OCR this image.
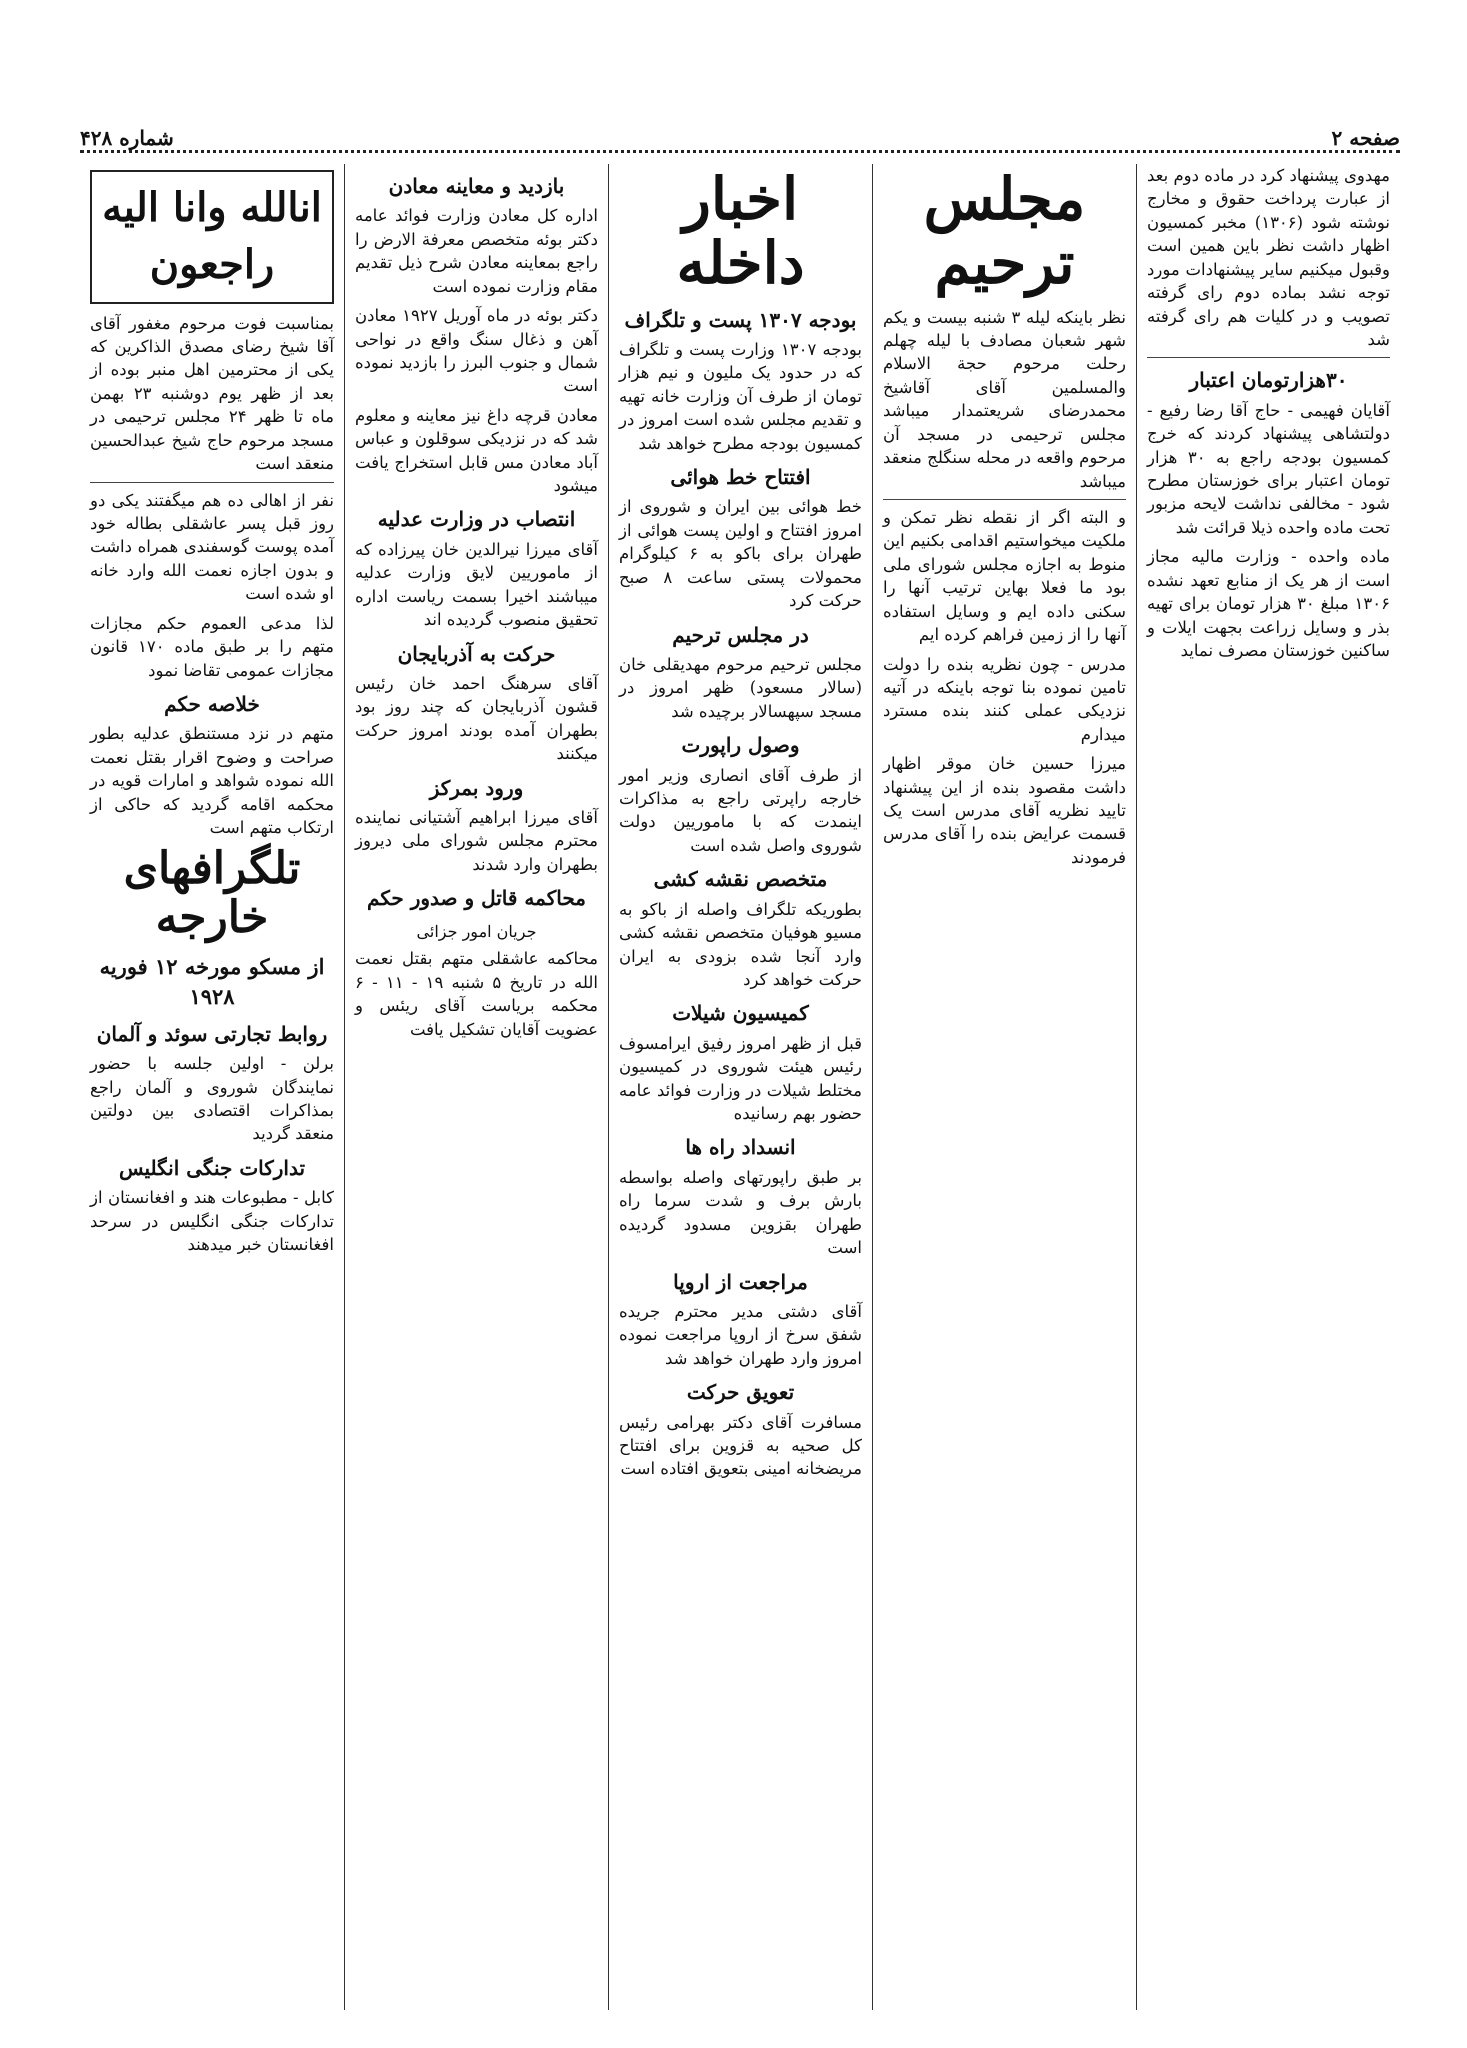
صفحه ۲
شماره ۴۲۸

مهدوی پیشنهاد کرد در ماده دوم بعد از عبارت پرداخت حقوق و مخارج نوشته شود (۱۳۰۶) مخبر کمسیون اظهار داشت نظر باین همین است وقبول میکنیم سایر پیشنهادات مورد توجه نشد بماده دوم رای گرفته تصویب و در کلیات هم رای گرفته شد

۳۰هزارتومان اعتبار

آقایان فهیمی - حاج آقا رضا رفیع - دولتشاهی پیشنهاد کردند که خرج کمسیون بودجه راجع به ۳۰ هزار تومان اعتبار برای خوزستان مطرح شود - مخالفی نداشت لایحه مزبور تحت ماده واحده ذیلا قرائت شد

ماده واحده - وزارت مالیه مجاز است از هر یک از منابع تعهد نشده ۱۳۰۶ مبلغ ۳۰ هزار تومان برای تهیه بذر و وسایل زراعت بجهت ایلات و ساکنین خوزستان مصرف نماید

مجلس ترحیم

نظر باینکه لیله ۳ شنبه بیست و یکم شهر شعبان مصادف با لیله چهلم رحلت مرحوم حجة الاسلام والمسلمین آقای آقاشیخ محمدرضای شریعتمدار میباشد مجلس ترحیمی در مسجد آن مرحوم واقعه در محله سنگلج منعقد میباشد

و البته اگر از نقطه نظر تمکن و ملکیت میخواستیم اقدامی بکنیم این منوط به اجازه مجلس شورای ملی بود ما فعلا بهاین ترتیب آنها را سکنی داده ایم و وسایل استفاده آنها را از زمین فراهم کرده ایم

مدرس - چون نظریه بنده را دولت تامین نموده بنا توجه باینکه در آتیه نزدیکی عملی کنند بنده مسترد میدارم

میرزا حسین خان موقر اظهار داشت مقصود بنده از این پیشنهاد تایید نظریه آقای مدرس است یک قسمت عرایض بنده را آقای مدرس فرمودند

اخبار داخله
بودجه ۱۳۰۷ پست و تلگراف

بودجه ۱۳۰۷ وزارت پست و تلگراف که در حدود یک ملیون و نیم هزار تومان از طرف آن وزارت خانه تهیه و تقدیم مجلس شده است امروز در کمسیون بودجه مطرح خواهد شد

افتتاح خط هوائی

خط هوائی بین ایران و شوروی از امروز افتتاح و اولین پست هوائی از طهران برای باکو به ۶ کیلوگرام محمولات پستی ساعت ۸ صبح حرکت کرد

در مجلس ترحیم

مجلس ترحیم مرحوم مهدیقلی خان (سالار مسعود) ظهر امروز در مسجد سپهسالار برچیده شد

وصول راپورت

از طرف آقای انصاری وزیر امور خارجه راپرتی راجع به مذاکرات اینمدت که با ماموریین دولت شوروی واصل شده است

متخصص نقشه کشی

بطوریکه تلگراف واصله از باکو به مسیو هوفیان متخصص نقشه کشی وارد آنجا شده بزودی به ایران حرکت خواهد کرد

کمیسیون شیلات

قبل از ظهر امروز رفیق ایرامسوف رئیس هیئت شوروی در کمیسیون مختلط شیلات در وزارت فوائد عامه حضور بهم رسانیده

انسداد راه ها

بر طبق راپورتهای واصله بواسطه بارش برف و شدت سرما راه طهران بقزوین مسدود گردیده است

مراجعت از اروپا

آقای دشتی مدیر محترم جریده شفق سرخ از اروپا مراجعت نموده امروز وارد طهران خواهد شد

تعویق حرکت

مسافرت آقای دکتر بهرامی رئیس کل صحیه به قزوین برای افتتاح مریضخانه امینی بتعویق افتاده است

بازدید و معاینه معادن

اداره کل معادن وزارت فوائد عامه دکتر بوئه متخصص معرفة الارض را راجع بمعاینه معادن شرح ذیل تقدیم مقام وزارت نموده است

دکتر بوئه در ماه آوریل ۱۹۲۷ معادن آهن و ذغال سنگ واقع در نواحی شمال و جنوب البرز را بازدید نموده است

معادن قرچه داغ نیز معاینه و معلوم شد که در نزدیکی سوقلون و عباس آباد معادن مس قابل استخراج یافت میشود

انتصاب در وزارت عدلیه

آقای میرزا نیرالدین خان پیرزاده که از ماموریین لایق وزارت عدلیه میباشند اخیرا بسمت ریاست اداره تحقیق منصوب گردیده اند

حرکت به آذربایجان

آقای سرهنگ احمد خان رئیس قشون آذربایجان که چند روز بود بطهران آمده بودند امروز حرکت میکنند

ورود بمرکز

آقای میرزا ابراهیم آشتیانی نماینده محترم مجلس شورای ملی دیروز بطهران وارد شدند

محاکمه قاتل و صدور حکم
جریان امور جزائی

محاکمه عاشقلی متهم بقتل نعمت الله در تاریخ ۵ شنبه ۱۹ - ۱۱ - ۶ محکمه بریاست آقای ریئس و عضویت آقایان تشکیل یافت

انالله وانا الیه راجعون

بمناسبت فوت مرحوم مغفور آقای آقا شیخ رضای مصدق الذاکرین که یکی از محترمین اهل منبر بوده از بعد از ظهر یوم دوشنبه ۲۳ بهمن ماه تا ظهر ۲۴ مجلس ترحیمی در مسجد مرحوم حاج شیخ عبدالحسین منعقد است

نفر از اهالی ده هم میگفتند یکی دو روز قبل پسر عاشقلی بطاله خود آمده پوست گوسفندی همراه داشت و بدون اجازه نعمت الله وارد خانه او شده است

لذا مدعی العموم حکم مجازات متهم را بر طبق ماده ۱۷۰ قانون مجازات عمومی تقاضا نمود

خلاصه حکم

متهم در نزد مستنطق عدلیه بطور صراحت و وضوح اقرار بقتل نعمت الله نموده شواهد و امارات قویه در محکمه اقامه گردید که حاکی از ارتکاب متهم است

تلگرافهای خارجه
از مسکو مورخه ۱۲ فوریه ۱۹۲۸
روابط تجارتی سوئد و آلمان

برلن - اولین جلسه با حضور نمایندگان شوروی و آلمان راجع بمذاکرات اقتصادی بین دولتین منعقد گردید

تدارکات جنگی انگلیس

کابل - مطبوعات هند و افغانستان از تدارکات جنگی انگلیس در سرحد افغانستان خبر میدهند
